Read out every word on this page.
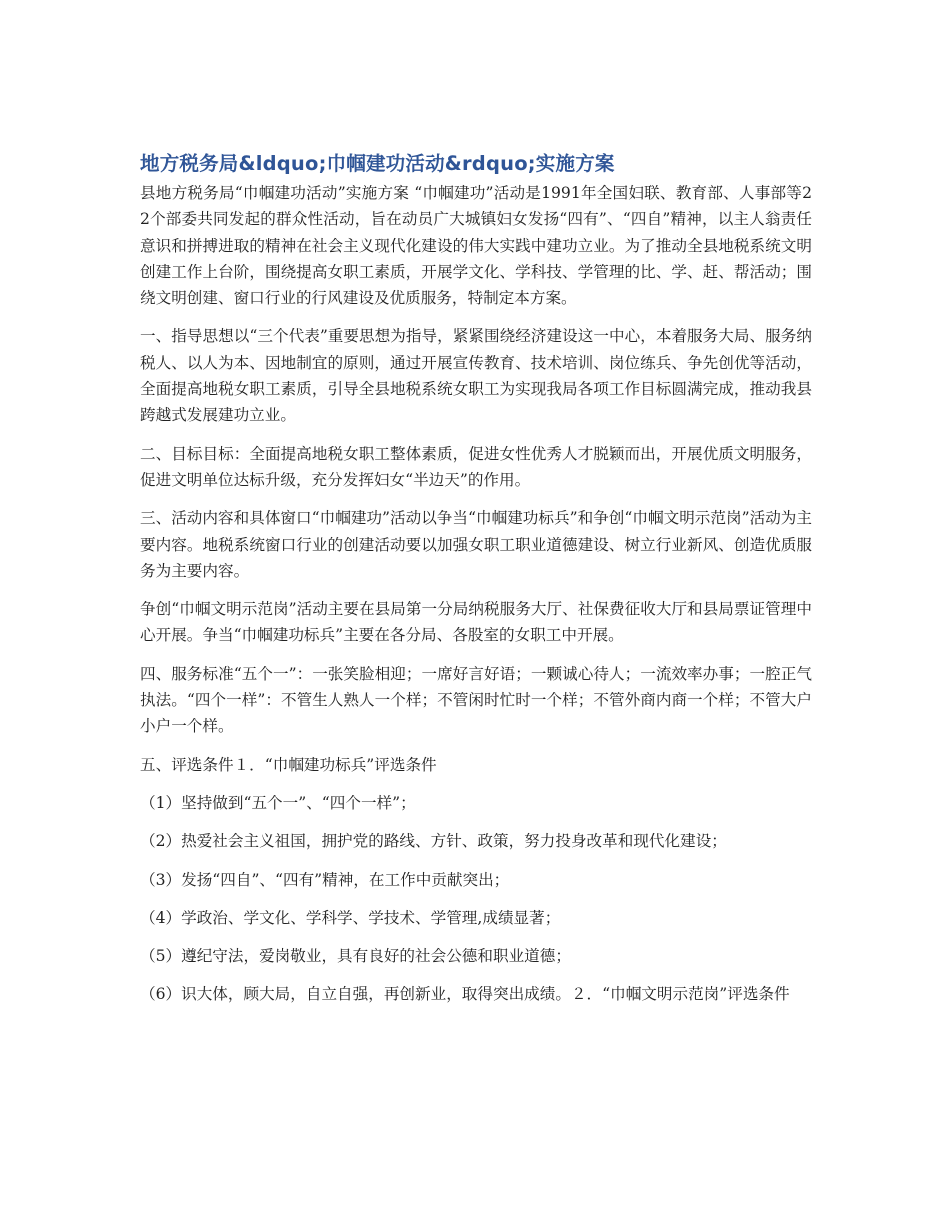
地方税务局&ldquo;巾帼建功活动&rdquo;实施方案

县地方税务局“巾帼建功活动”实施方案 “巾帼建功”活动是1991年全国妇联、教育部、人事部等22个部委共同发起的群众性活动，旨在动员广大城镇妇女发扬“四有”、“四自”精神，以主人翁责任意识和拼搏进取的精神在社会主义现代化建设的伟大实践中建功立业。为了推动全县地税系统文明创建工作上台阶，围绕提高女职工素质，开展学文化、学科技、学管理的比、学、赶、帮活动；围绕文明创建、窗口行业的行风建设及优质服务，特制定本方案。

一、指导思想以“三个代表”重要思想为指导，紧紧围绕经济建设这一中心，本着服务大局、服务纳税人、以人为本、因地制宜的原则，通过开展宣传教育、技术培训、岗位练兵、争先创优等活动，全面提高地税女职工素质，引导全县地税系统女职工为实现我局各项工作目标圆满完成，推动我县跨越式发展建功立业。

二、目标目标：全面提高地税女职工整体素质，促进女性优秀人才脱颖而出，开展优质文明服务，促进文明单位达标升级，充分发挥妇女“半边天”的作用。

三、活动内容和具体窗口“巾帼建功”活动以争当“巾帼建功标兵”和争创“巾帼文明示范岗”活动为主要内容。地税系统窗口行业的创建活动要以加强女职工职业道德建设、树立行业新风、创造优质服务为主要内容。

争创“巾帼文明示范岗”活动主要在县局第一分局纳税服务大厅、社保费征收大厅和县局票证管理中心开展。争当“巾帼建功标兵”主要在各分局、各股室的女职工中开展。

四、服务标准“五个一”：一张笑脸相迎；一席好言好语；一颗诚心待人；一流效率办事；一腔正气执法。“四个一样”：不管生人熟人一个样；不管闲时忙时一个样；不管外商内商一个样；不管大户小户一个样。

五、评选条件１．“巾帼建功标兵”评选条件

（1）坚持做到“五个一”、“四个一样”；

（2）热爱社会主义祖国，拥护党的路线、方针、政策，努力投身改革和现代化建设；

（3）发扬“四自”、“四有”精神，在工作中贡献突出；

（4）学政治、学文化、学科学、学技术、学管理,成绩显著；

（5）遵纪守法，爱岗敬业，具有良好的社会公德和职业道德；

（6）识大体，顾大局，自立自强，再创新业，取得突出成绩。２．“巾帼文明示范岗”评选条件
